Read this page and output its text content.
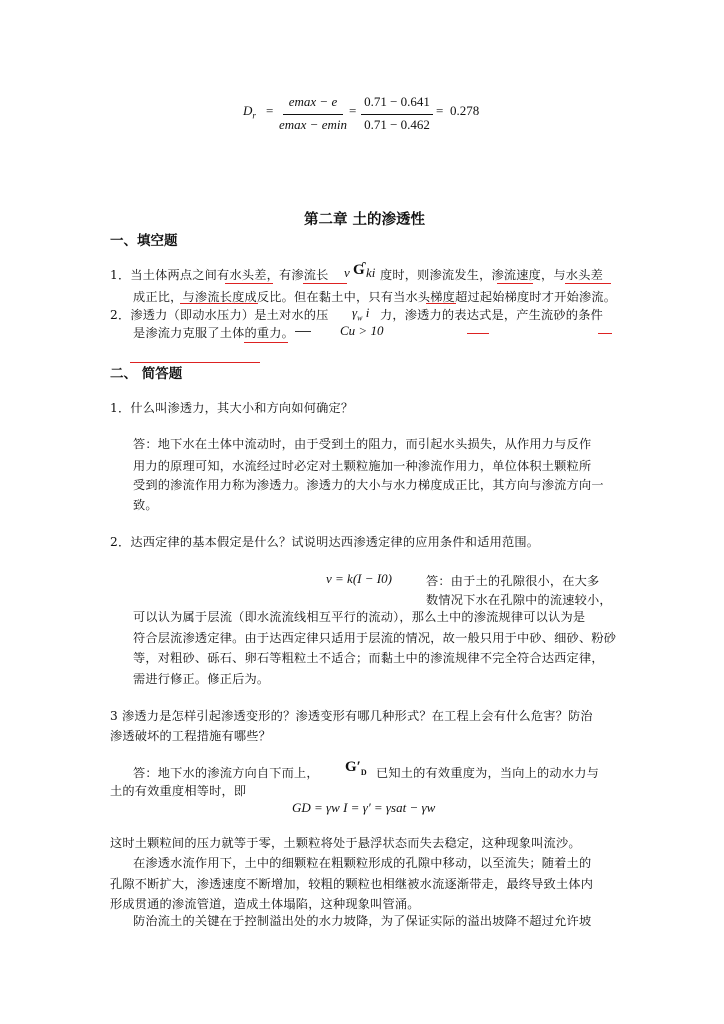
$D_r$ =
emax − e
emax − emin
=
0.71 − 0.641
0.71 − 0.462
= 0.278
第二章 土的渗透性
一、填空题
1．当土体两点之间有水头差，有渗流长 v Ɠ ki 度时，则渗流发生，渗流速度，与水头差
成正比，与渗流长度成反比。但在黏土中，只有当水头梯度超过起始梯度时才开始渗流。
2．渗透力（即动水压力）是土对水的压 $\gamma_w$ i 力，渗透力的表达式是，产生流砂的条件
是渗流力克服了土体的重力。	Cu > 10
二、 简答题
1．什么叫渗透力，其大小和方向如何确定？
答：地下水在土体中流动时，由于受到土的阻力，而引起水头损失，从作用力与反作
用力的原理可知，水流经过时必定对土颗粒施加一种渗流作用力，单位体积土颗粒所
受到的渗流作用力称为渗透力。渗透力的大小与水力梯度成正比，其方向与渗流方向一
致。
2．达西定律的基本假定是什么？试说明达西渗透定律的应用条件和适用范围。
v = k(I − I0)	答：由于土的孔隙很小，在大多
数情况下水在孔隙中的流速较小，
可以认为属于层流（即水流流线相互平行的流动），那么土中的渗流规律可以认为是
符合层流渗透定律。由于达西定律只适用于层流的情况，故一般只用于中砂、细砂、粉砂
等，对粗砂、砾石、卵石等粗粒土不适合；而黏土中的渗流规律不完全符合达西定律，
需进行修正。修正后为。
3 渗透力是怎样引起渗透变形的？渗透变形有哪几种形式？在工程上会有什么危害？防治
渗透破坏的工程措施有哪些？
答：地下水的渗流方向自下而上， $G'_D$ 已知土的有效重度为，当向上的动水力与
土的有效重度相等时，即
GD = γw I = γ′ = γsat − γw
这时土颗粒间的压力就等于零，土颗粒将处于悬浮状态而失去稳定，这种现象叫流沙。
在渗透水流作用下，土中的细颗粒在粗颗粒形成的孔隙中移动，以至流失；随着土的
孔隙不断扩大，渗透速度不断增加，较粗的颗粒也相继被水流逐渐带走，最终导致土体内
形成贯通的渗流管道，造成土体塌陷，这种现象叫管涌。
防治流土的关键在于控制溢出处的水力坡降，为了保证实际的溢出坡降不超过允许坡
